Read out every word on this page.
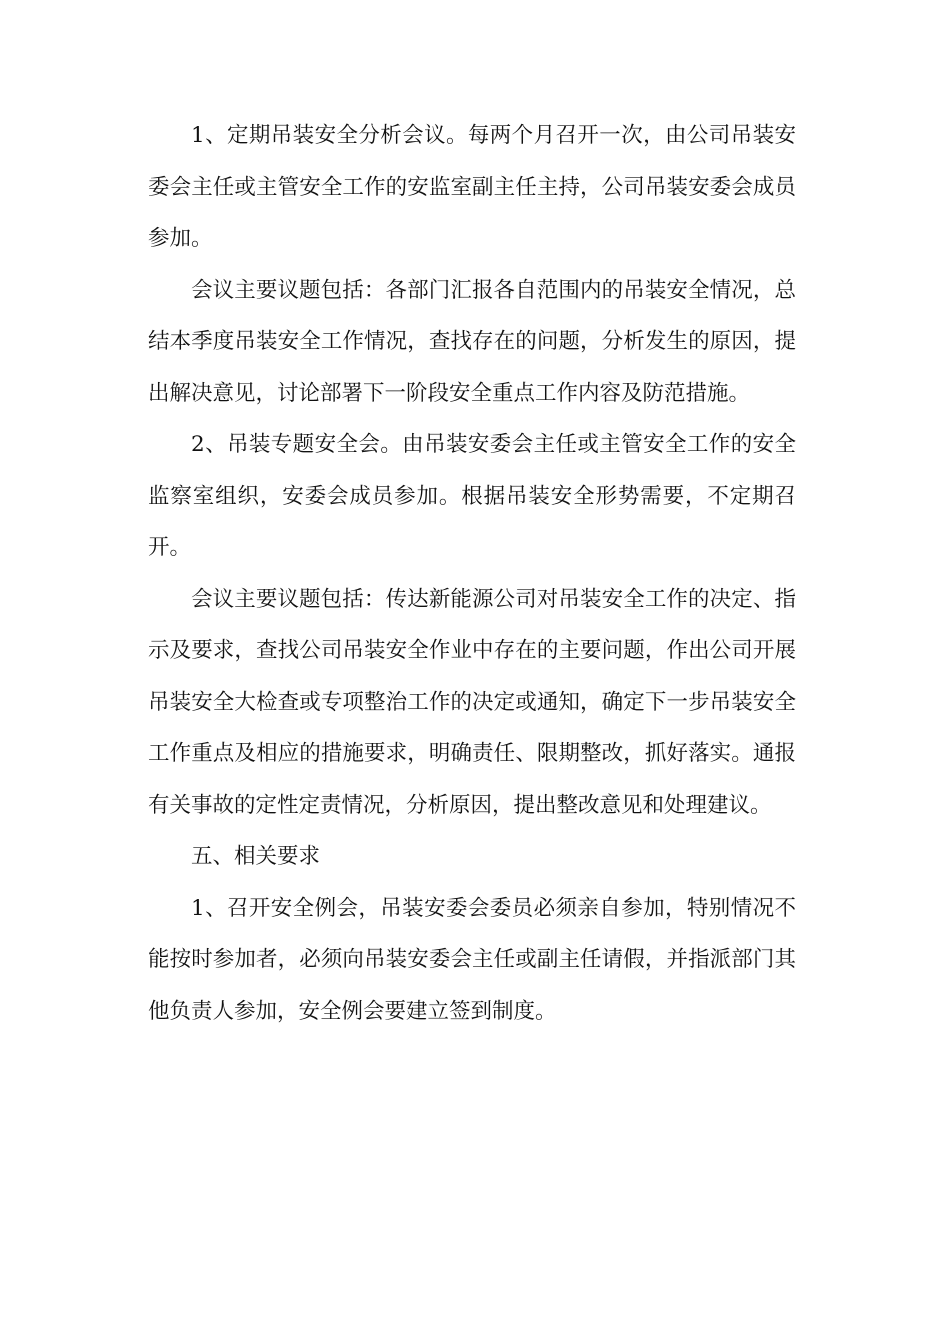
1、定期吊装安全分析会议。每两个月召开一次，由公司吊装安委会主任或主管安全工作的安监室副主任主持，公司吊装安委会成员参加。

会议主要议题包括：各部门汇报各自范围内的吊装安全情况，总结本季度吊装安全工作情况，查找存在的问题，分析发生的原因，提出解决意见，讨论部署下一阶段安全重点工作内容及防范措施。

2、吊装专题安全会。由吊装安委会主任或主管安全工作的安全监察室组织，安委会成员参加。根据吊装安全形势需要，不定期召开。

会议主要议题包括：传达新能源公司对吊装安全工作的决定、指示及要求，查找公司吊装安全作业中存在的主要问题，作出公司开展吊装安全大检查或专项整治工作的决定或通知，确定下一步吊装安全工作重点及相应的措施要求，明确责任、限期整改，抓好落实。通报有关事故的定性定责情况，分析原因，提出整改意见和处理建议。

五、相关要求

1、召开安全例会，吊装安委会委员必须亲自参加，特别情况不能按时参加者，必须向吊装安委会主任或副主任请假，并指派部门其他负责人参加，安全例会要建立签到制度。
